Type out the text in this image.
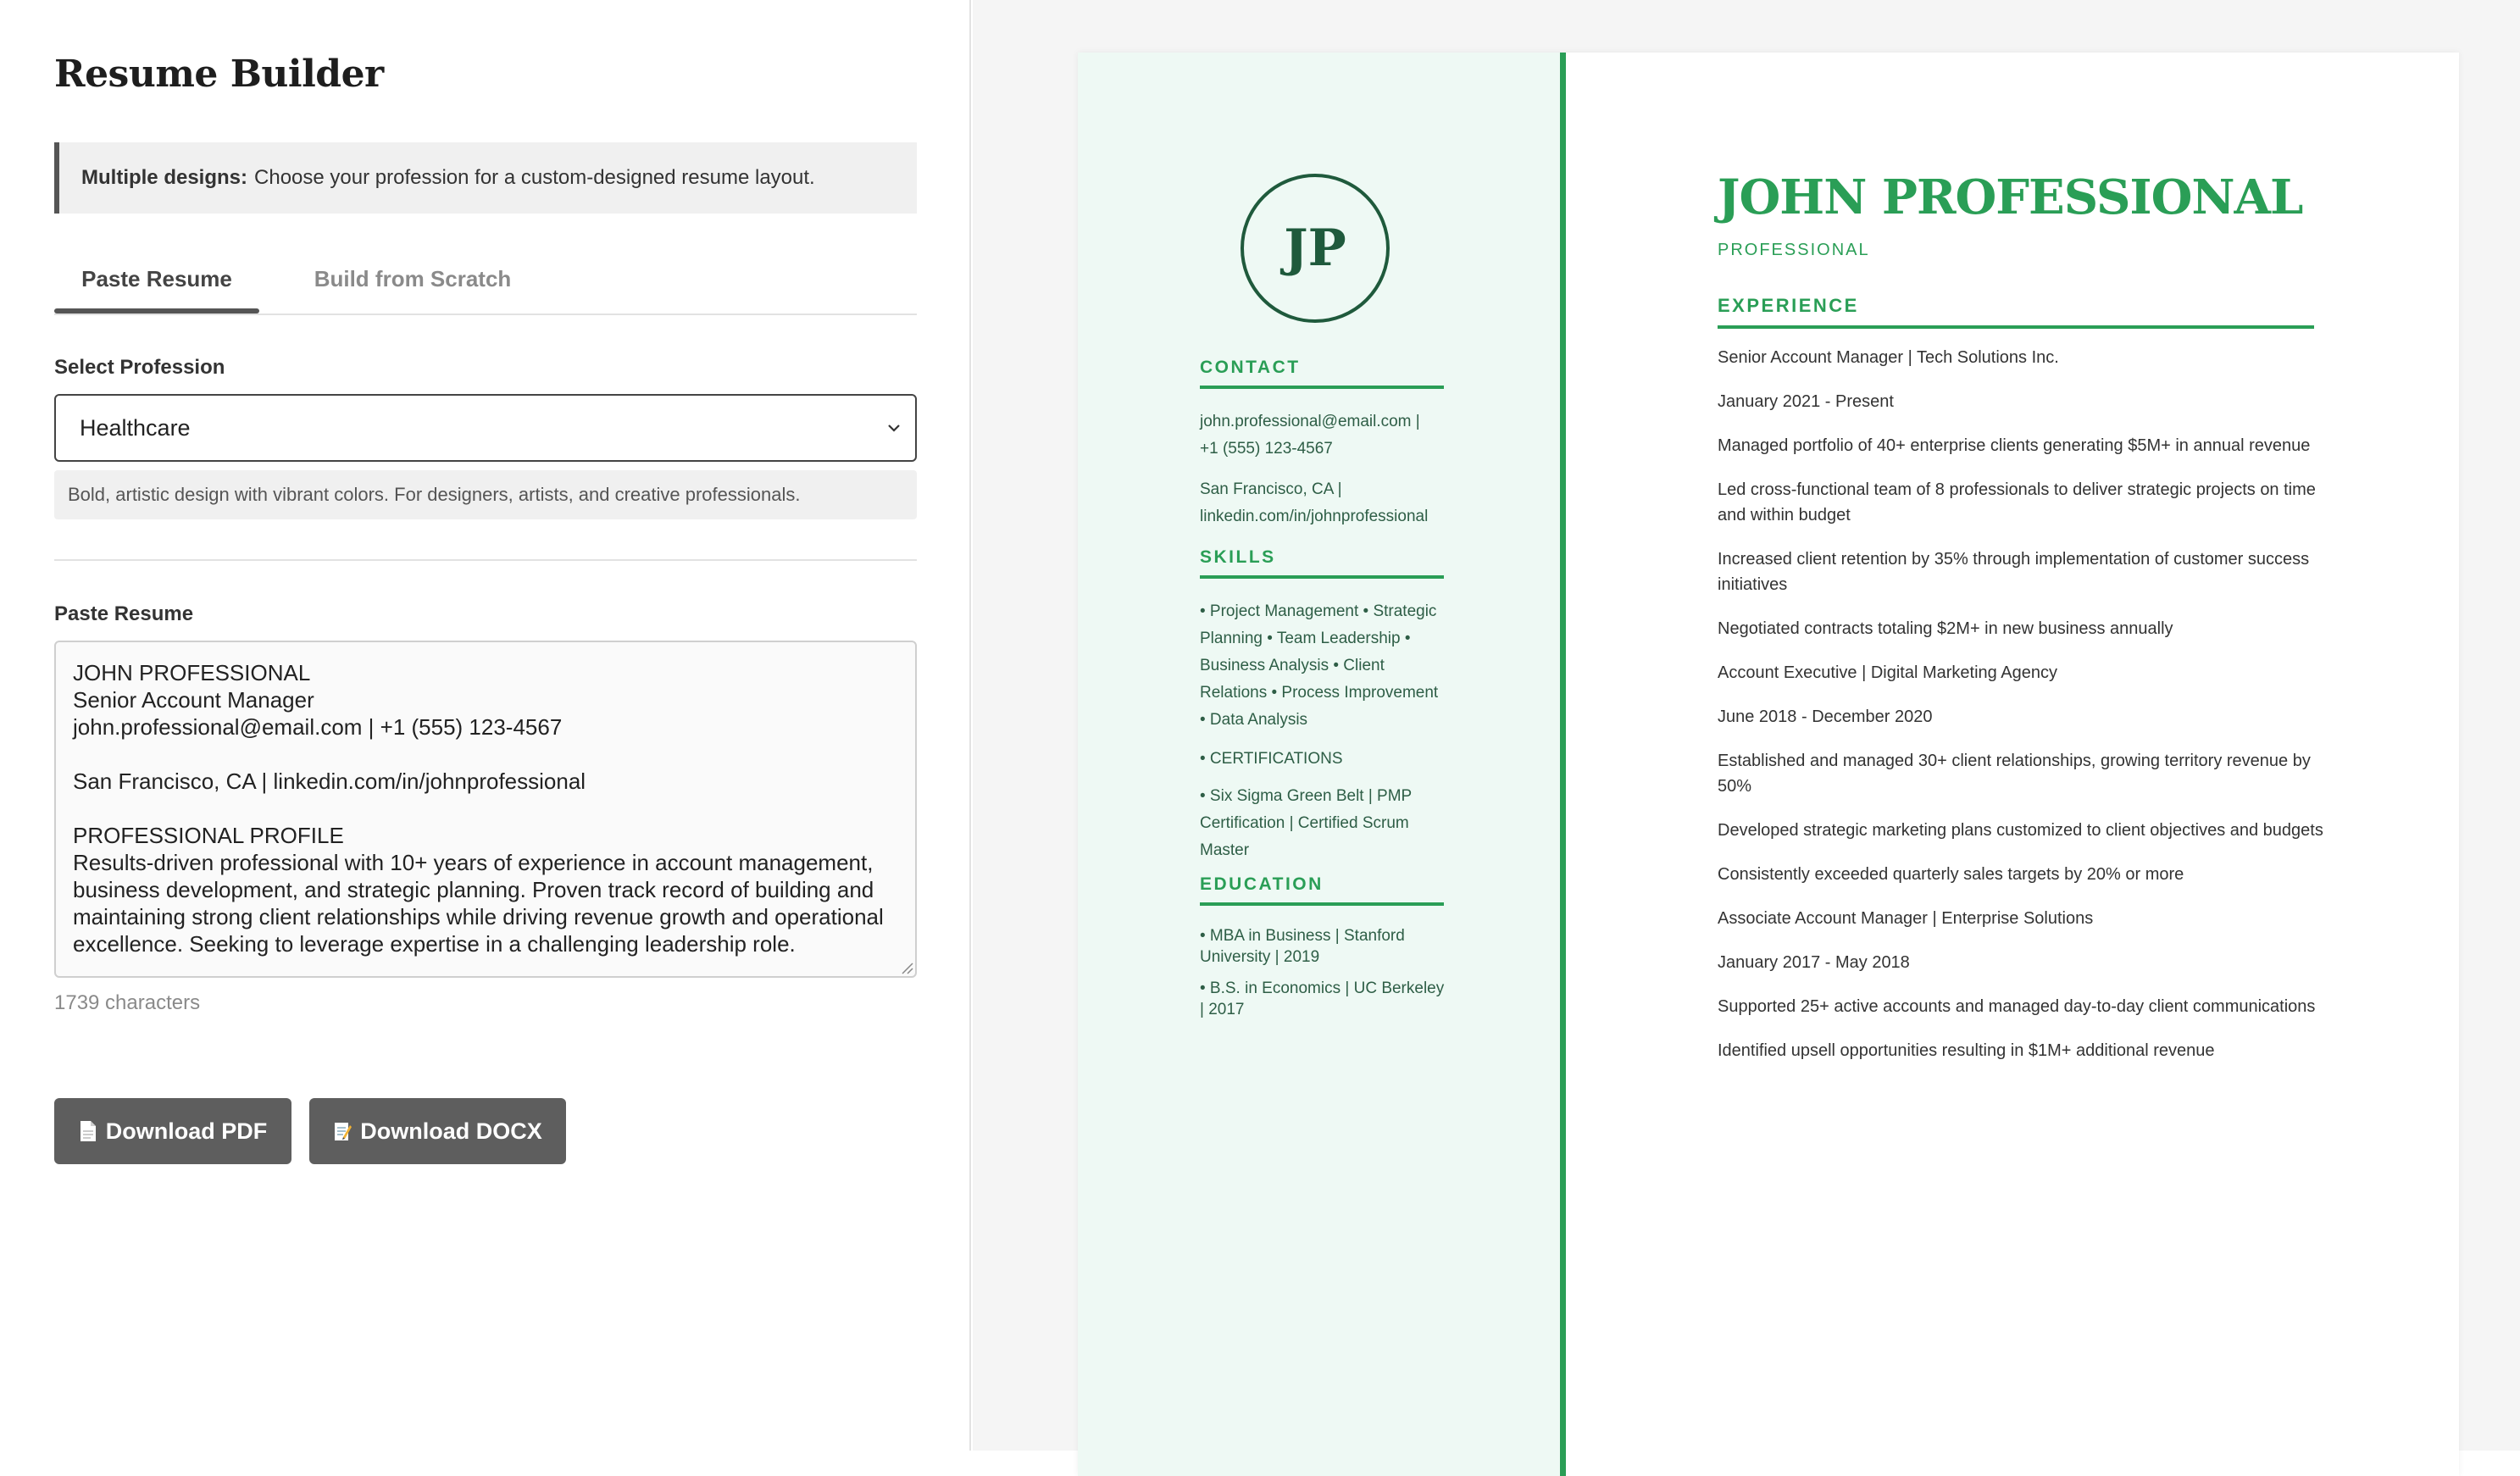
Resume Builder
Multiple designs: Choose your profession for a custom-designed resume layout.
Paste Resume	Build from Scratch
Select Profession
Healthcare
Bold, artistic design with vibrant colors. For designers, artists, and creative professionals.
Paste Resume
JOHN PROFESSIONAL Senior Account Manager john.professional@email.com | +1 (555) 123-4567 San Francisco, CA | linkedin.com/in/johnprofessional PROFESSIONAL PROFILE Results-driven professional with 10+ years of experience in account management, business development, and strategic planning. Proven track record of building and maintaining strong client relationships while driving revenue growth and operational excellence. Seeking to leverage expertise in a challenging leadership role.
1739 characters
Download PDF	Download DOCX
JP
CONTACT
john.professional@email.com |
+1 (555) 123-4567
San Francisco, CA |
linkedin.com/in/johnprofessional
SKILLS
• Project Management • Strategic Planning • Team Leadership • Business Analysis • Client Relations • Process Improvement • Data Analysis
• CERTIFICATIONS
• Six Sigma Green Belt | PMP Certification | Certified Scrum Master
EDUCATION
• MBA in Business | Stanford University | 2019
• B.S. in Economics | UC Berkeley | 2017
JOHN PROFESSIONAL
PROFESSIONAL
EXPERIENCE
Senior Account Manager | Tech Solutions Inc.
January 2021 - Present
Managed portfolio of 40+ enterprise clients generating $5M+ in annual revenue
Led cross-functional team of 8 professionals to deliver strategic projects on time and within budget
Increased client retention by 35% through implementation of customer success initiatives
Negotiated contracts totaling $2M+ in new business annually
Account Executive | Digital Marketing Agency
June 2018 - December 2020
Established and managed 30+ client relationships, growing territory revenue by 50%
Developed strategic marketing plans customized to client objectives and budgets
Consistently exceeded quarterly sales targets by 20% or more
Associate Account Manager | Enterprise Solutions
January 2017 - May 2018
Supported 25+ active accounts and managed day-to-day client communications
Identified upsell opportunities resulting in $1M+ additional revenue
